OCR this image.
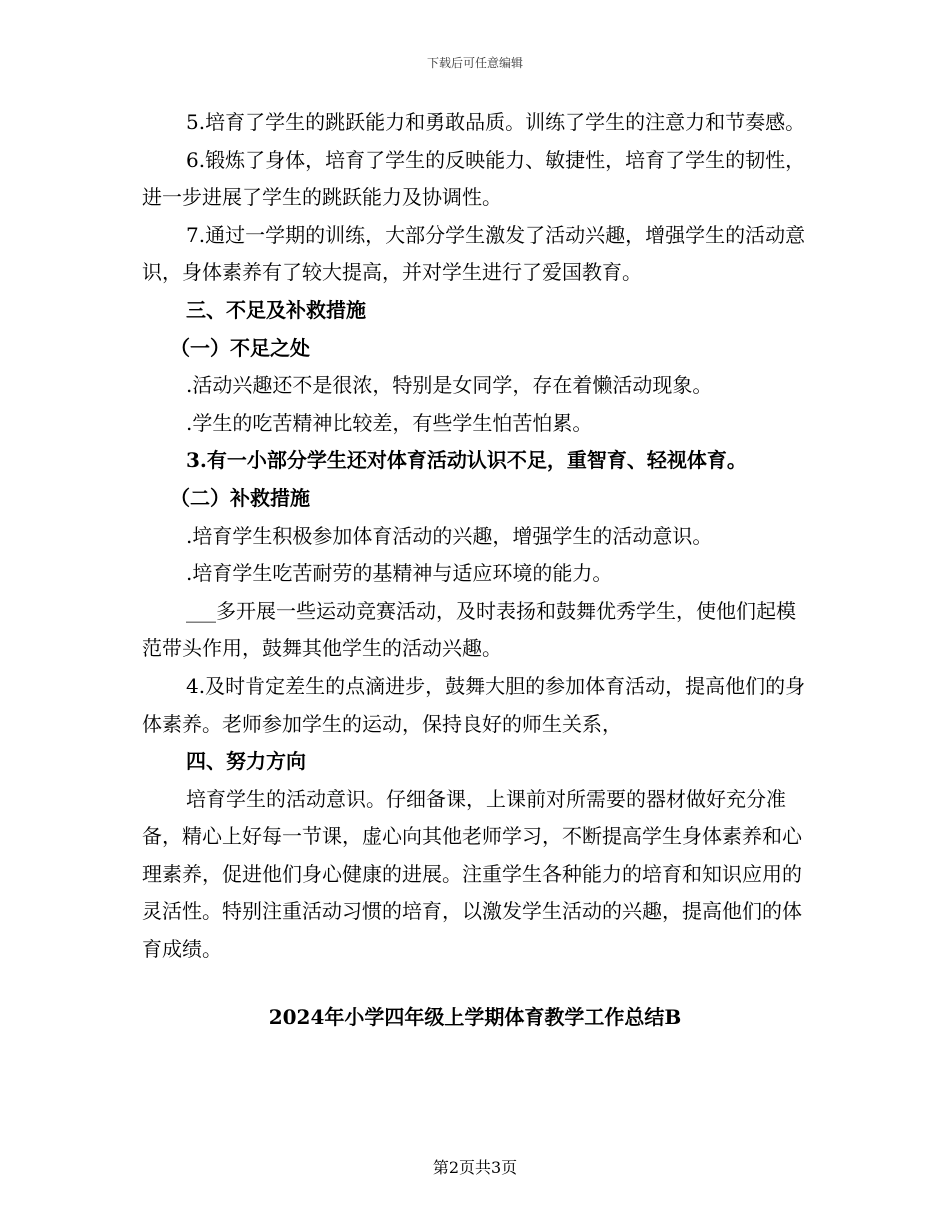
下载后可任意编辑

5.培育了学生的跳跃能力和勇敢品质。训练了学生的注意力和节奏感。

6.锻炼了身体，培育了学生的反映能力、敏捷性，培育了学生的韧性，进一步进展了学生的跳跃能力及协调性。

7.通过一学期的训练，大部分学生激发了活动兴趣，增强学生的活动意识，身体素养有了较大提高，并对学生进行了爱国教育。

三、不足及补救措施

（一）不足之处

.活动兴趣还不是很浓，特别是女同学，存在着懒活动现象。

.学生的吃苦精神比较差，有些学生怕苦怕累。

3.有一小部分学生还对体育活动认识不足，重智育、轻视体育。

（二）补救措施

.培育学生积极参加体育活动的兴趣，增强学生的活动意识。

.培育学生吃苦耐劳的基精神与适应环境的能力。

___多开展一些运动竞赛活动，及时表扬和鼓舞优秀学生，使他们起模范带头作用，鼓舞其他学生的活动兴趣。

4.及时肯定差生的点滴进步，鼓舞大胆的参加体育活动，提高他们的身体素养。老师参加学生的运动，保持良好的师生关系，

四、努力方向

培育学生的活动意识。仔细备课，上课前对所需要的器材做好充分准备，精心上好每一节课，虚心向其他老师学习，不断提高学生身体素养和心理素养，促进他们身心健康的进展。注重学生各种能力的培育和知识应用的灵活性。特别注重活动习惯的培育，以激发学生活动的兴趣，提高他们的体育成绩。

2024年小学四年级上学期体育教学工作总结B
第2页共3页
